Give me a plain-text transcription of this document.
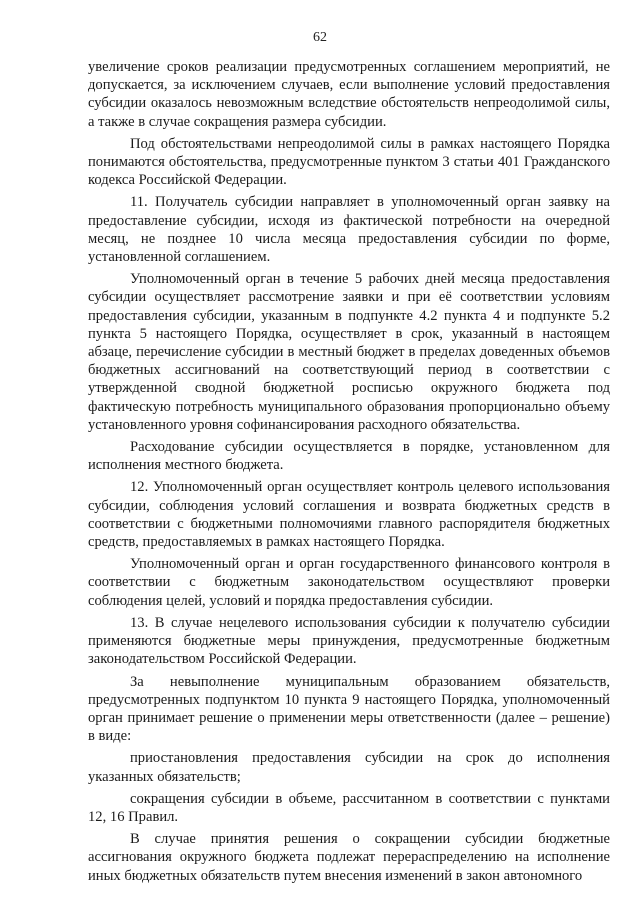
62

увеличение сроков реализации предусмотренных соглашением мероприятий, не допускается, за исключением случаев, если выполнение условий предоставления субсидии оказалось невозможным вследствие обстоятельств непреодолимой силы, а также в случае сокращения размера субсидии.

Под обстоятельствами непреодолимой силы в рамках настоящего Порядка понимаются обстоятельства, предусмотренные пунктом 3 статьи 401 Гражданского кодекса Российской Федерации.

11. Получатель субсидии направляет в уполномоченный орган заявку на предоставление субсидии, исходя из фактической потребности на очередной месяц, не позднее 10 числа месяца предоставления субсидии по форме, установленной соглашением.

Уполномоченный орган в течение 5 рабочих дней месяца предоставления субсидии осуществляет рассмотрение заявки и при её соответствии условиям предоставления субсидии, указанным в подпункте 4.2 пункта 4 и подпункте 5.2 пункта 5 настоящего Порядка, осуществляет в срок, указанный в настоящем абзаце, перечисление субсидии в местный бюджет в пределах доведенных объемов бюджетных ассигнований на соответствующий период в соответствии с утвержденной сводной бюджетной росписью окружного бюджета под фактическую потребность муниципального образования пропорционально объему установленного уровня софинансирования расходного обязательства.

Расходование субсидии осуществляется в порядке, установленном для исполнения местного бюджета.

12. Уполномоченный орган осуществляет контроль целевого использования субсидии, соблюдения условий соглашения и возврата бюджетных средств в соответствии с бюджетными полномочиями главного распорядителя бюджетных средств, предоставляемых в рамках настоящего Порядка.

Уполномоченный орган и орган государственного финансового контроля в соответствии с бюджетным законодательством осуществляют проверки соблюдения целей, условий и порядка предоставления субсидии.

13. В случае нецелевого использования субсидии к получателю субсидии применяются бюджетные меры принуждения, предусмотренные бюджетным законодательством Российской Федерации.

За невыполнение муниципальным образованием обязательств, предусмотренных подпунктом 10 пункта 9 настоящего Порядка, уполномоченный орган принимает решение о применении меры ответственности (далее – решение) в виде:

приостановления предоставления субсидии на срок до исполнения указанных обязательств;

сокращения субсидии в объеме, рассчитанном в соответствии с пунктами 12, 16 Правил.

В случае принятия решения о сокращении субсидии бюджетные ассигнования окружного бюджета подлежат перераспределению на исполнение иных бюджетных обязательств путем внесения изменений в закон автономного
